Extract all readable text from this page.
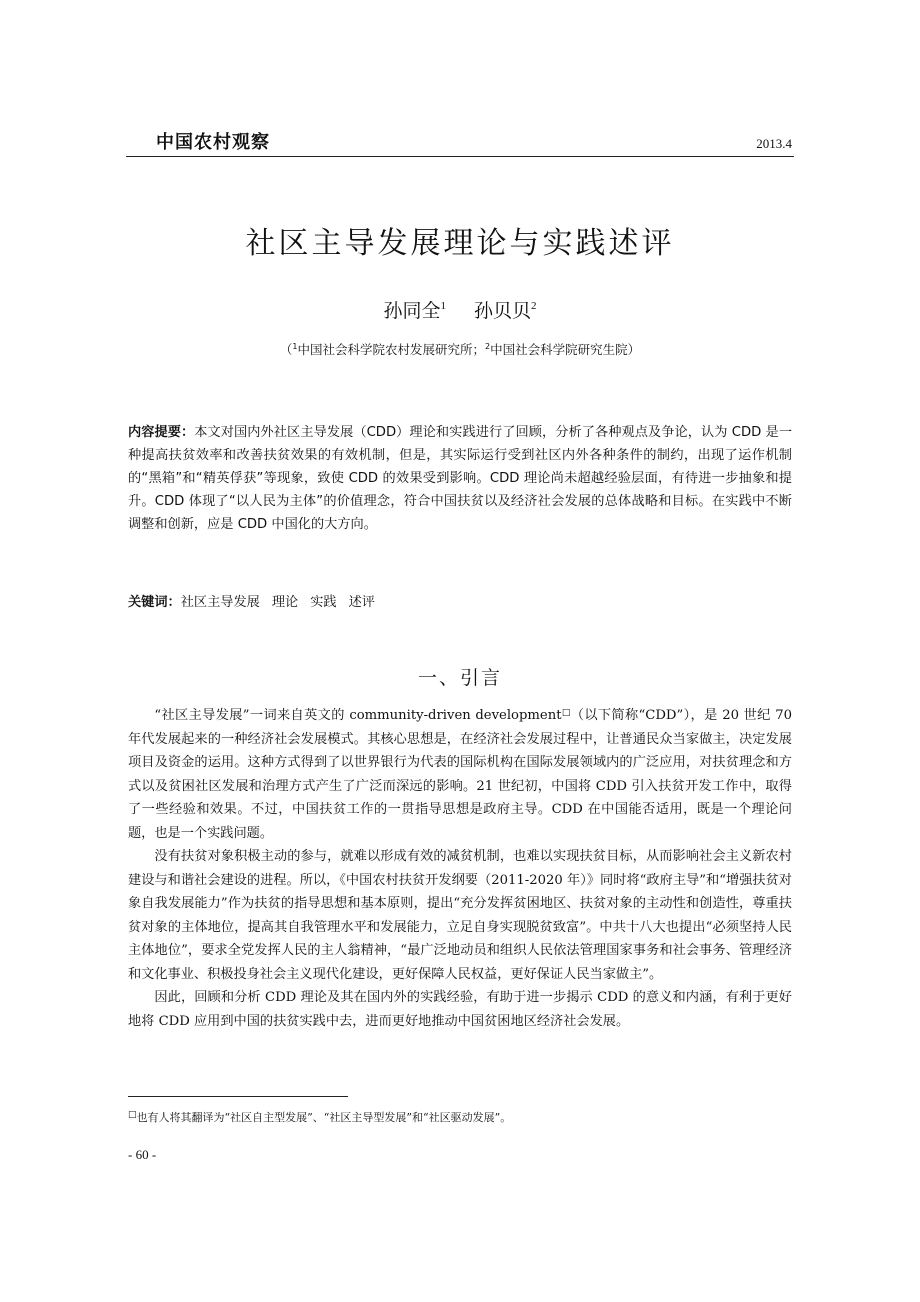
中国农村观察	2013.4
社区主导发展理论与实践述评
孙同全$^1$ 孙贝贝$^2$
（$^1$中国社会科学院农村发展研究所；$^2$中国社会科学院研究生院）
内容提要：本文对国内外社区主导发展（CDD）理论和实践进行了回顾，分析了各种观点及争论，认为 CDD 是一种提高扶贫效率和改善扶贫效果的有效机制，但是，其实际运行受到社区内外各种条件的制约，出现了运作机制的“黑箱”和“精英俘获”等现象，致使 CDD 的效果受到影响。CDD 理论尚未超越经验层面，有待进一步抽象和提升。CDD 体现了“以人民为主体”的价值理念，符合中国扶贫以及经济社会发展的总体战略和目标。在实践中不断调整和创新，应是 CDD 中国化的大方向。
关键词：社区主导发展 理论 实践 述评
一、引言

“社区主导发展”一词来自英文的 community-driven development□（以下简称“CDD”），是 20 世纪 70 年代发展起来的一种经济社会发展模式。其核心思想是，在经济社会发展过程中，让普通民众当家做主，决定发展项目及资金的运用。这种方式得到了以世界银行为代表的国际机构在国际发展领域内的广泛应用，对扶贫理念和方式以及贫困社区发展和治理方式产生了广泛而深远的影响。21 世纪初，中国将 CDD 引入扶贫开发工作中，取得了一些经验和效果。不过，中国扶贫工作的一贯指导思想是政府主导。CDD 在中国能否适用，既是一个理论问题，也是一个实践问题。

没有扶贫对象积极主动的参与，就难以形成有效的减贫机制，也难以实现扶贫目标，从而影响社会主义新农村建设与和谐社会建设的进程。所以，《中国农村扶贫开发纲要（2011-2020 年）》同时将“政府主导”和“增强扶贫对象自我发展能力”作为扶贫的指导思想和基本原则，提出“充分发挥贫困地区、扶贫对象的主动性和创造性，尊重扶贫对象的主体地位，提高其自我管理水平和发展能力，立足自身实现脱贫致富”。中共十八大也提出“必须坚持人民主体地位”，要求全党发挥人民的主人翁精神，“最广泛地动员和组织人民依法管理国家事务和社会事务、管理经济和文化事业、积极投身社会主义现代化建设，更好保障人民权益，更好保证人民当家做主”。

因此，回顾和分析 CDD 理论及其在国内外的实践经验，有助于进一步揭示 CDD 的意义和内涵，有利于更好地将 CDD 应用到中国的扶贫实践中去，进而更好地推动中国贫困地区经济社会发展。

□也有人将其翻译为“社区自主型发展”、“社区主导型发展”和“社区驱动发展”。
- 60 -
